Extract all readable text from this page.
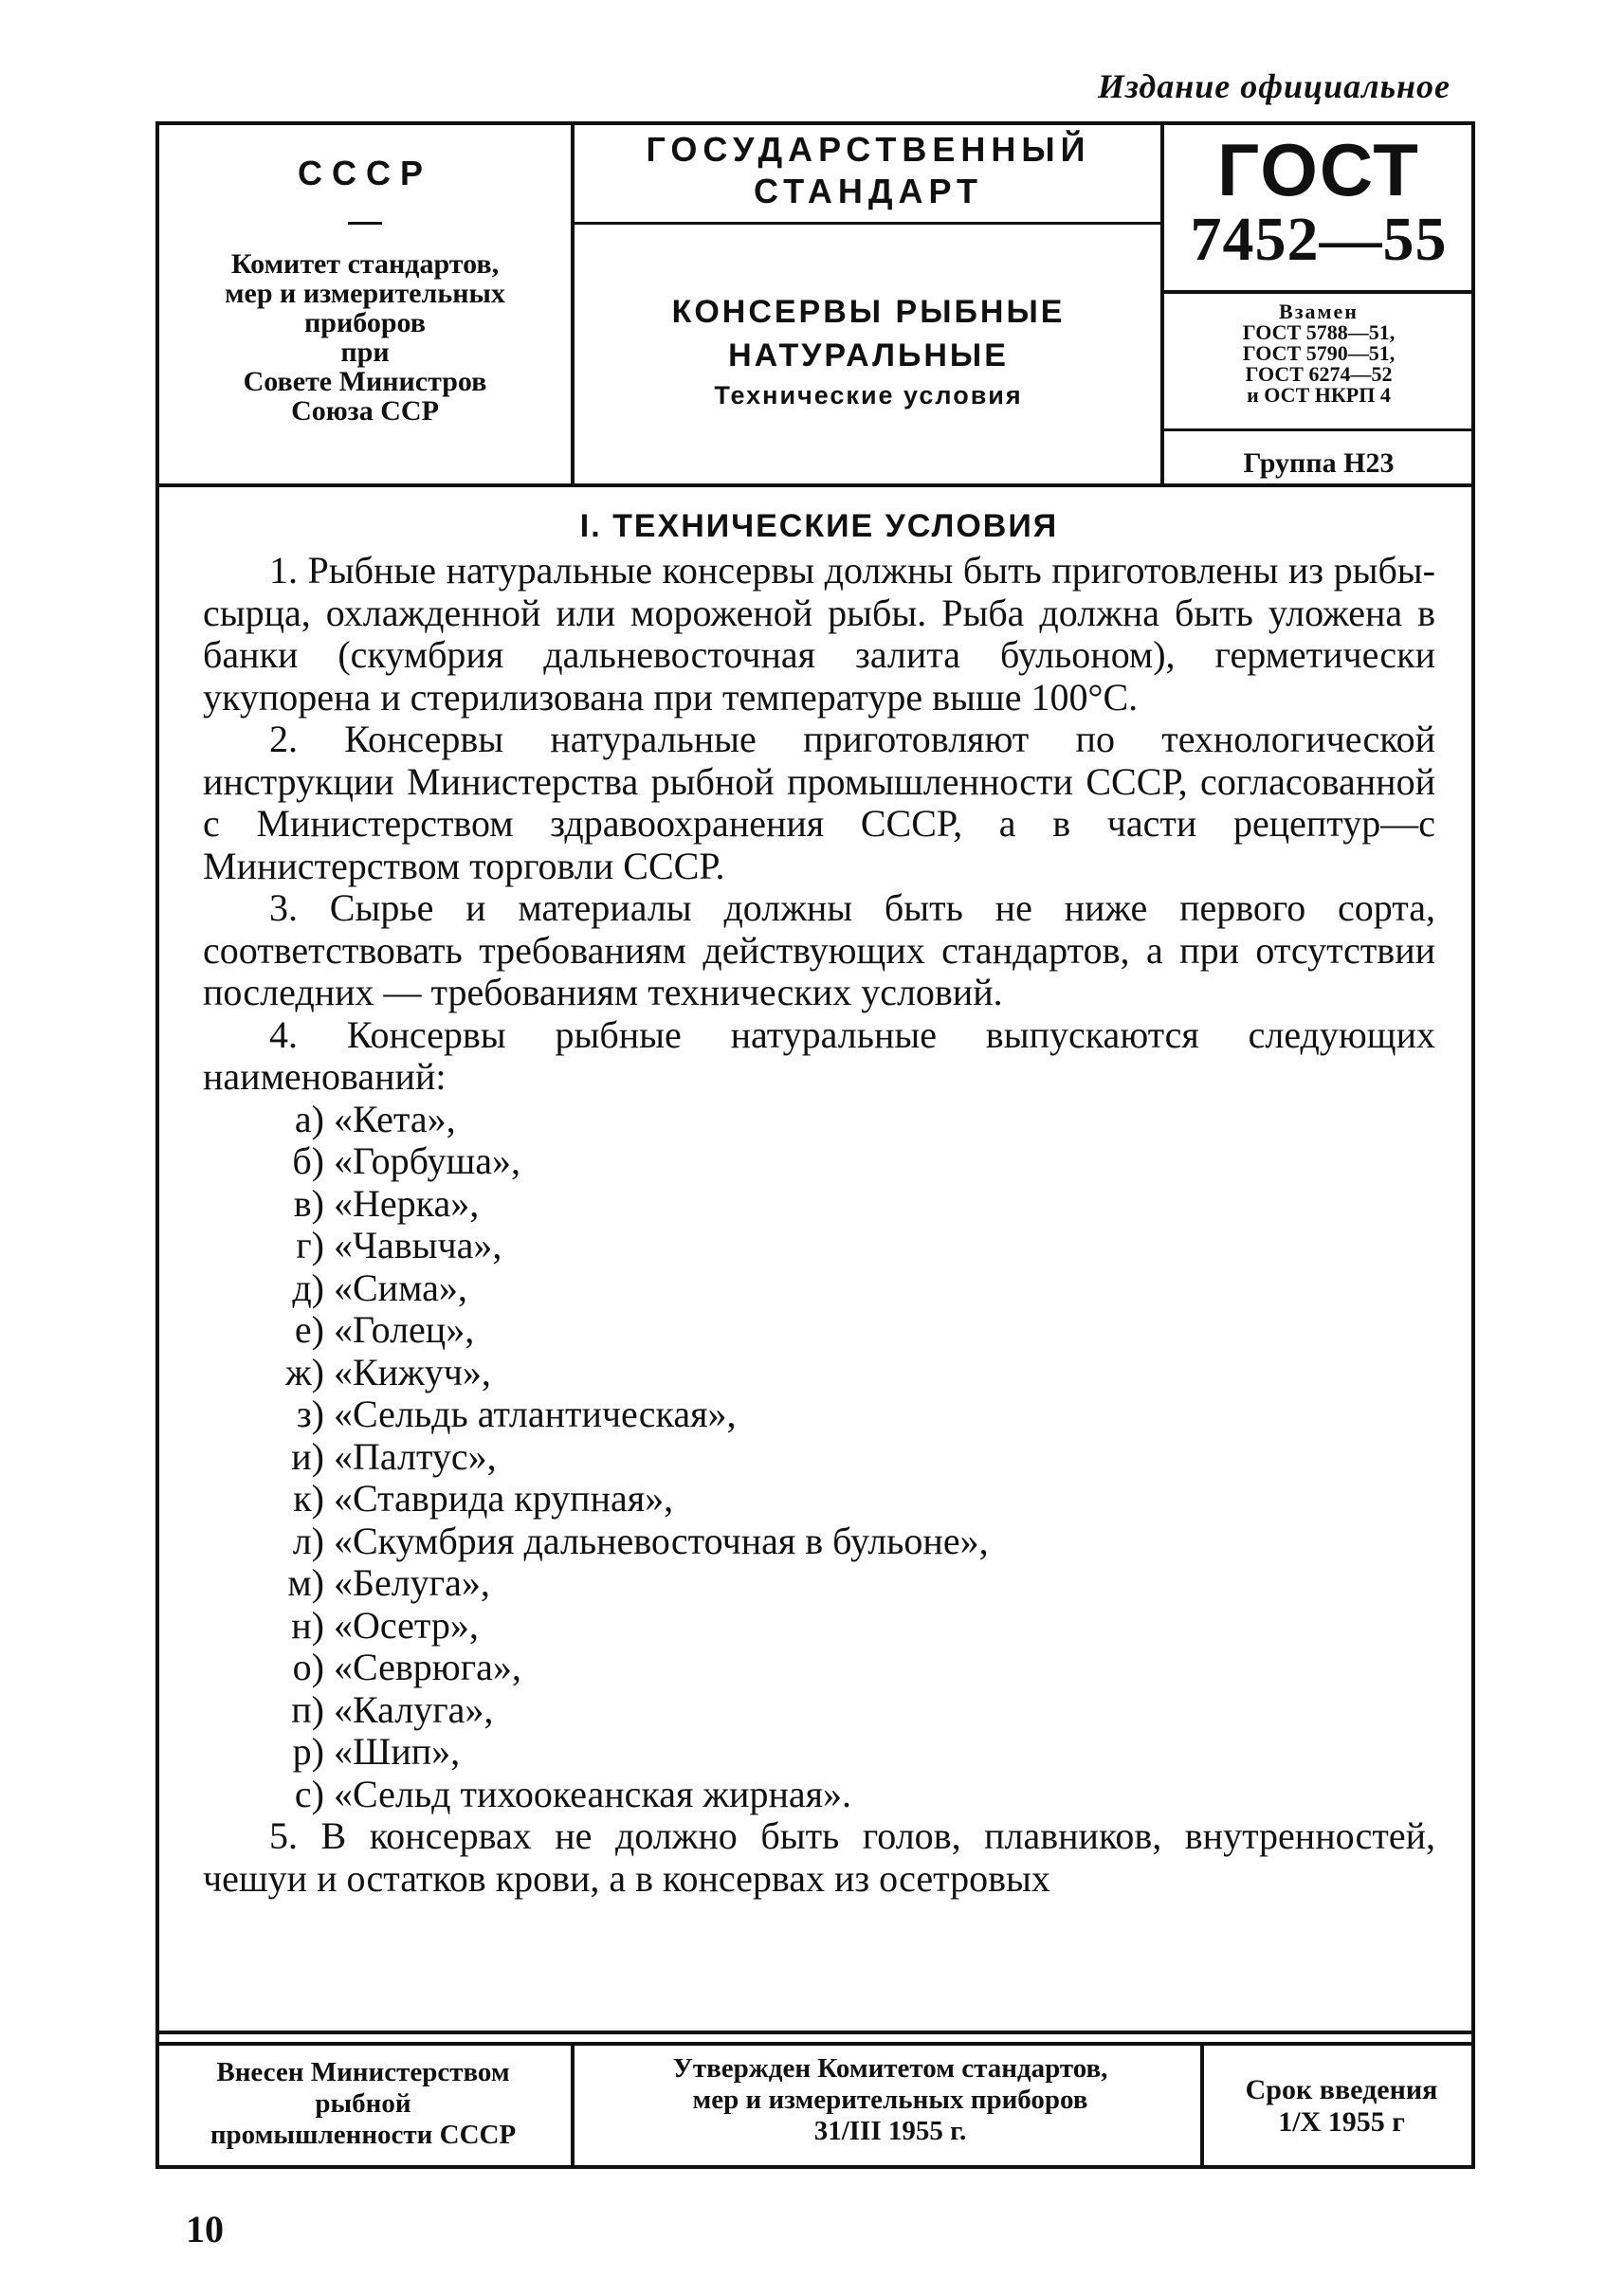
Издание официальное
СССР
Комитет стандартов,
мер и измерительных
приборов
при
Совете Министров
Союза ССР
ГОСУДАРСТВЕННЫЙ
СТАНДАРТ
КОНСЕРВЫ РЫБНЫЕ
НАТУРАЛЬНЫЕ
Технические условия
ГОСТ
7452—55
Взамен
ГОСТ 5788—51,
ГОСТ 5790—51,
ГОСТ 6274—52
и ОСТ НКРП 4
Группа Н23
I. ТЕХНИЧЕСКИЕ УСЛОВИЯ

1. Рыбные натуральные консервы должны быть приготовлены из рыбы-сырца, охлажденной или мороженой рыбы. Рыба должна быть уложена в банки (скумбрия дальневосточная залита бульоном), герметически укупорена и стерилизована при температуре выше 100°С.

2. Консервы натуральные приготовляют по технологической инструкции Министерства рыбной промышленности СССР, согласованной с Министерством здравоохранения СССР, а в части рецептур—с Министерством торговли СССР.

3. Сырье и материалы должны быть не ниже первого сорта, соответствовать требованиям действующих стандартов, а при отсутствии последних — требованиям технических условий.

4. Консервы рыбные натуральные выпускаются следующих наименований:

а) «Кета»,
б) «Горбуша»,
в) «Нерка»,
г) «Чавыча»,
д) «Сима»,
е) «Голец»,
ж) «Кижуч»,
з) «Сельдь атлантическая»,
и) «Палтус»,
к) «Ставрида крупная»,
л) «Скумбрия дальневосточная в бульоне»,
м) «Белуга»,
н) «Осетр»,
о) «Севрюга»,
п) «Калуга»,
р) «Шип»,
с) «Сельд тихоокеанская жирная».

5. В консервах не должно быть голов, плавников, внутренностей, чешуи и остатков крови, а в консервах из осетровых

Внесен Министерством
рыбной
промышленности СССР
Утвержден Комитетом стандартов,
мер и измерительных приборов
31/III 1955 г.
Срок введения
1/X 1955 г
10
